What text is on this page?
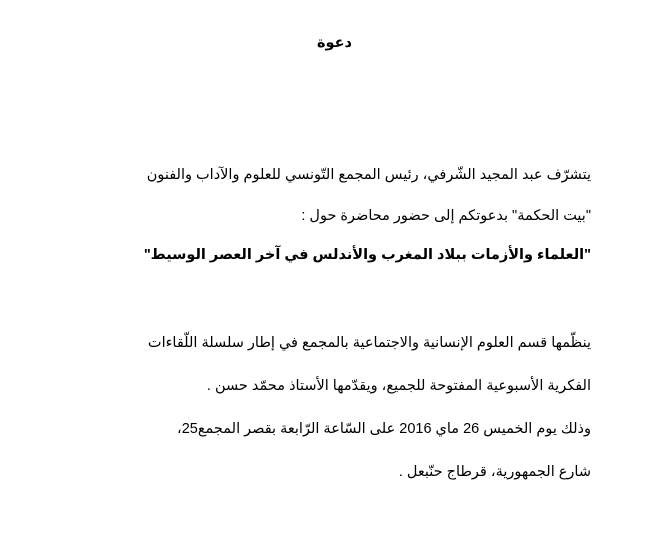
دعوة
يتشرّف عبد المجيد الشّرفي، رئيس المجمع التّونسي للعلوم والآداب والفنون
"بيت الحكمة" بدعوتكم إلى حضور محاضرة حول :
"العلماء والأزمات ببلاد المغرب والأندلس في آخر العصر الوسيط"
ينظّمها قسم العلوم الإنسانية والاجتماعية بالمجمع في إطار سلسلة اللّقاءات
الفكرية الأسبوعية المفتوحة للجميع، ويقدّمها الأستاذ محمّد حسن .
وذلك يوم الخميس 26 ماي 2016 على السّاعة الرّابعة بقصر المجمع25،
شارع الجمهورية، قرطاج حنّبعل .
